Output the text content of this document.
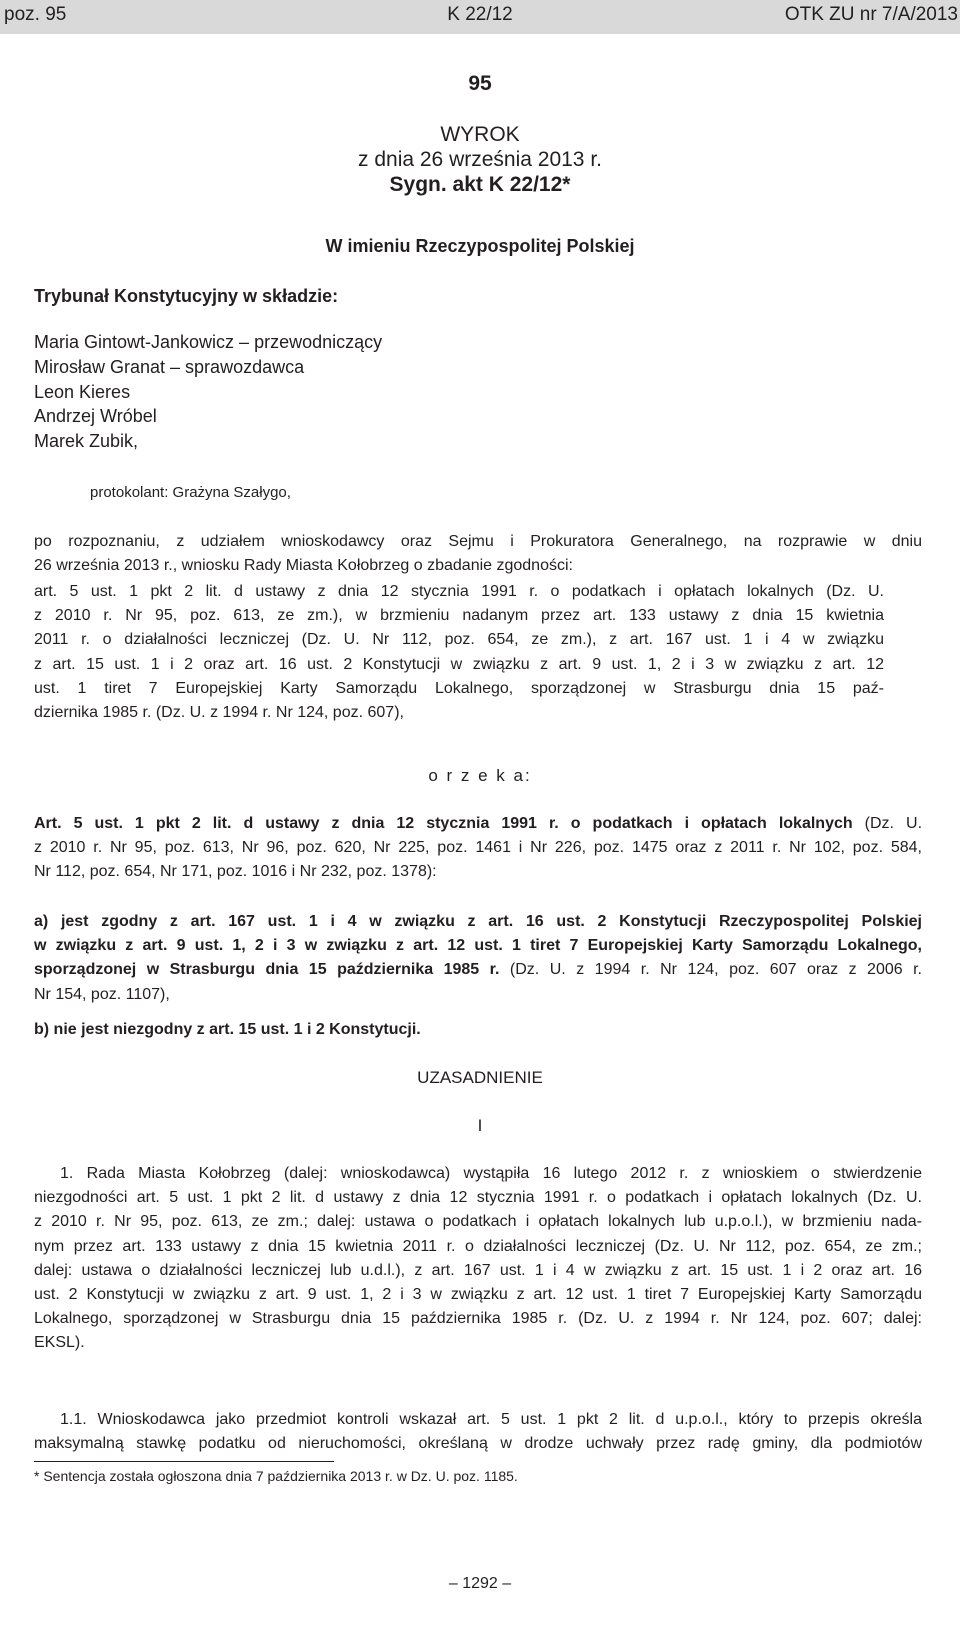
poz. 95	K 22/12	OTK ZU nr 7/A/2013
95
WYROK
z dnia 26 września 2013 r.
Sygn. akt K 22/12*
W imieniu Rzeczypospolitej Polskiej
Trybunał Konstytucyjny w składzie:
Maria Gintowt-Jankowicz – przewodniczący
Mirosław Granat – sprawozdawca
Leon Kieres
Andrzej Wróbel
Marek Zubik,
protokolant: Grażyna Szałygo,
po rozpoznaniu, z udziałem wnioskodawcy oraz Sejmu i Prokuratora Generalnego, na rozprawie w dniu
26 września 2013 r., wniosku Rady Miasta Kołobrzeg o zbadanie zgodności:
art. 5 ust. 1 pkt 2 lit. d ustawy z dnia 12 stycznia 1991 r. o podatkach i opłatach lokalnych (Dz. U.
z 2010 r. Nr 95, poz. 613, ze zm.), w brzmieniu nadanym przez art. 133 ustawy z dnia 15 kwietnia
2011 r. o działalności leczniczej (Dz. U. Nr 112, poz. 654, ze zm.), z art. 167 ust. 1 i 4 w związku
z art. 15 ust. 1 i 2 oraz art. 16 ust. 2 Konstytucji w związku z art. 9 ust. 1, 2 i 3 w związku z art. 12
ust. 1 tiret 7 Europejskiej Karty Samorządu Lokalnego, sporządzonej w Strasburgu dnia 15 paź-
dziernika 1985 r. (Dz. U. z 1994 r. Nr 124, poz. 607),
o r z e k a:
Art. 5 ust. 1 pkt 2 lit. d ustawy z dnia 12 stycznia 1991 r. o podatkach i opłatach lokalnych (Dz. U.
z 2010 r. Nr 95, poz. 613, Nr 96, poz. 620, Nr 225, poz. 1461 i Nr 226, poz. 1475 oraz z 2011 r. Nr 102, poz. 584,
Nr 112, poz. 654, Nr 171, poz. 1016 i Nr 232, poz. 1378):
a) jest zgodny z art. 167 ust. 1 i 4 w związku z art. 16 ust. 2 Konstytucji Rzeczypospolitej Polskiej
w związku z art. 9 ust. 1, 2 i 3 w związku z art. 12 ust. 1 tiret 7 Europejskiej Karty Samorządu Lokalnego,
sporządzonej w Strasburgu dnia 15 października 1985 r. (Dz. U. z 1994 r. Nr 124, poz. 607 oraz z 2006 r.
Nr 154, poz. 1107),
b) nie jest niezgodny z art. 15 ust. 1 i 2 Konstytucji.
UZASADNIENIE
I
1. Rada Miasta Kołobrzeg (dalej: wnioskodawca) wystąpiła 16 lutego 2012 r. z wnioskiem o stwierdzenie
niezgodności art. 5 ust. 1 pkt 2 lit. d ustawy z dnia 12 stycznia 1991 r. o podatkach i opłatach lokalnych (Dz. U.
z 2010 r. Nr 95, poz. 613, ze zm.; dalej: ustawa o podatkach i opłatach lokalnych lub u.p.o.l.), w brzmieniu nada-
nym przez art. 133 ustawy z dnia 15 kwietnia 2011 r. o działalności leczniczej (Dz. U. Nr 112, poz. 654, ze zm.;
dalej: ustawa o działalności leczniczej lub u.d.l.), z art. 167 ust. 1 i 4 w związku z art. 15 ust. 1 i 2 oraz art. 16
ust. 2 Konstytucji w związku z art. 9 ust. 1, 2 i 3 w związku z art. 12 ust. 1 tiret 7 Europejskiej Karty Samorządu
Lokalnego, sporządzonej w Strasburgu dnia 15 października 1985 r. (Dz. U. z 1994 r. Nr 124, poz. 607; dalej:
EKSL).
1.1. Wnioskodawca jako przedmiot kontroli wskazał art. 5 ust. 1 pkt 2 lit. d u.p.o.l., który to przepis określa
maksymalną stawkę podatku od nieruchomości, określaną w drodze uchwały przez radę gminy, dla podmiotów
* Sentencja została ogłoszona dnia 7 października 2013 r. w Dz. U. poz. 1185.
– 1292 –
